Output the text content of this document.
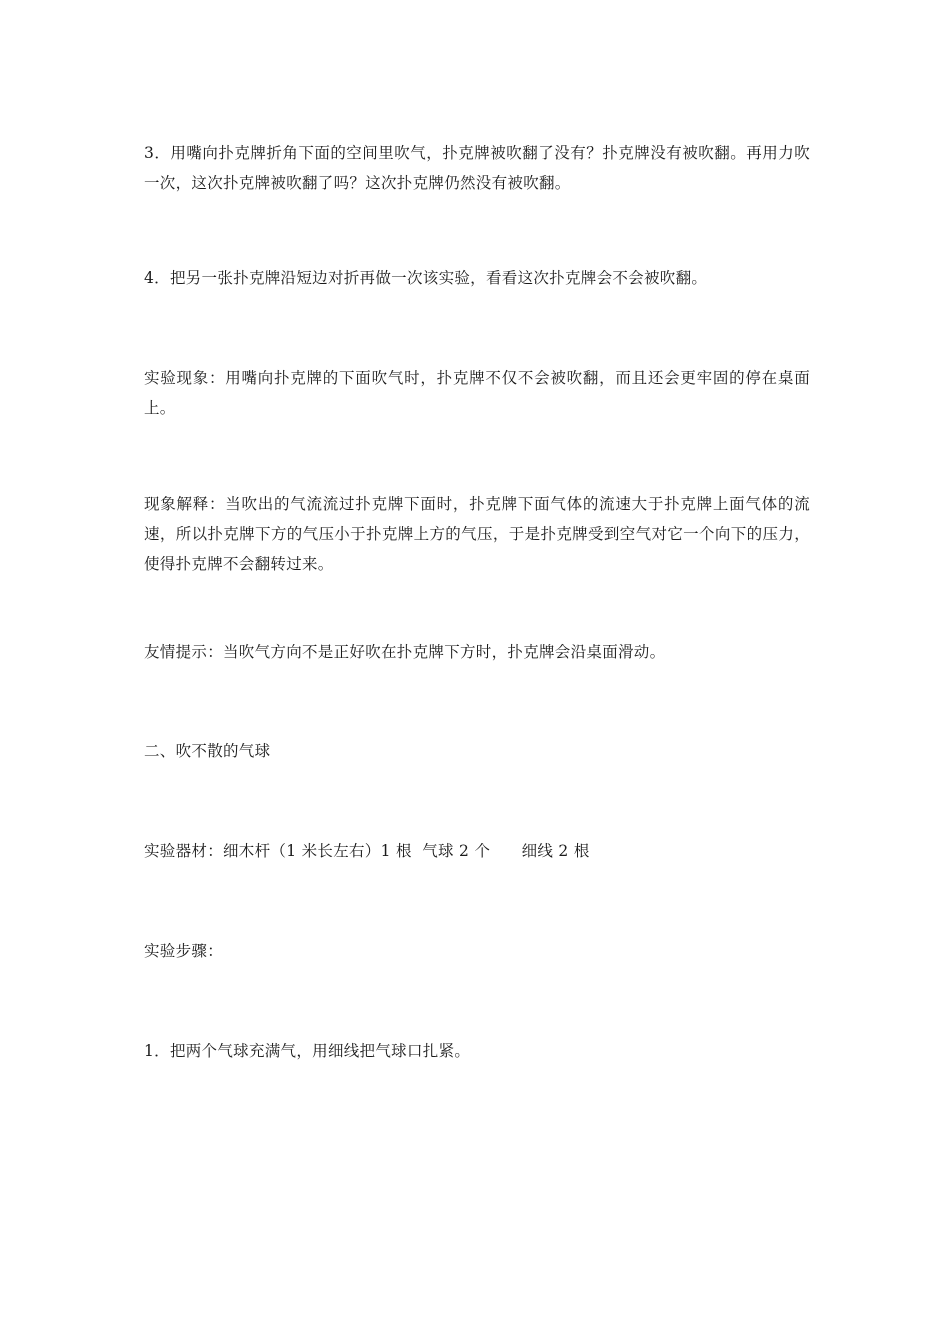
3．用嘴向扑克牌折角下面的空间里吹气，扑克牌被吹翻了没有？扑克牌没有被吹翻。再用力吹一次，这次扑克牌被吹翻了吗？这次扑克牌仍然没有被吹翻。

4．把另一张扑克牌沿短边对折再做一次该实验，看看这次扑克牌会不会被吹翻。

实验现象：用嘴向扑克牌的下面吹气时，扑克牌不仅不会被吹翻，而且还会更牢固的停在桌面上。

现象解释：当吹出的气流流过扑克牌下面时，扑克牌下面气体的流速大于扑克牌上面气体的流速，所以扑克牌下方的气压小于扑克牌上方的气压，于是扑克牌受到空气对它一个向下的压力，使得扑克牌不会翻转过来。

友情提示：当吹气方向不是正好吹在扑克牌下方时，扑克牌会沿桌面滑动。

二、吹不散的气球

实验器材：细木杆（1 米长左右）1 根  气球 2 个      细线 2 根

实验步骤：

1．把两个气球充满气，用细线把气球口扎紧。
